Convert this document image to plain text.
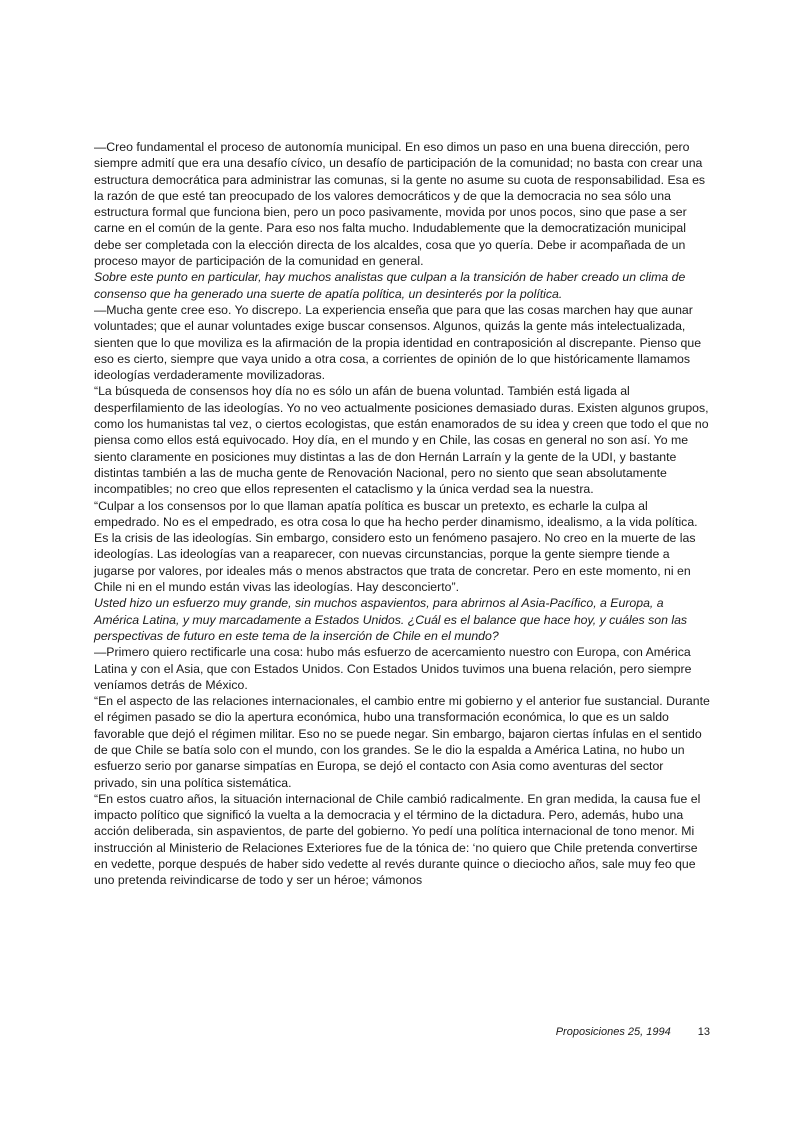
—Creo fundamental el proceso de autonomía municipal. En eso dimos un paso en una buena dirección, pero siempre admití que era una desafío cívico, un desafío de participación de la comunidad; no basta con crear una estructura democrática para administrar las comunas, si la gente no asume su cuota de responsabilidad. Esa es la razón de que esté tan preocupado de los valores democráticos y de que la democracia no sea sólo una estructura formal que funciona bien, pero un poco pasivamente, movida por unos pocos, sino que pase a ser carne en el común de la gente. Para eso nos falta mucho. Indudablemente que la democratización municipal debe ser completada con la elección directa de los alcaldes, cosa que yo quería. Debe ir acompañada de un proceso mayor de participación de la comunidad en general.

Sobre este punto en particular, hay muchos analistas que culpan a la transición de haber creado un clima de consenso que ha generado una suerte de apatía política, un desinterés por la política.

—Mucha gente cree eso. Yo discrepo. La experiencia enseña que para que las cosas marchen hay que aunar voluntades; que el aunar voluntades exige buscar consensos. Algunos, quizás la gente más intelectualizada, sienten que lo que moviliza es la afirmación de la propia identidad en contraposición al discrepante. Pienso que eso es cierto, siempre que vaya unido a otra cosa, a corrientes de opinión de lo que históricamente llamamos ideologías verdaderamente movilizadoras.

“La búsqueda de consensos hoy día no es sólo un afán de buena voluntad. También está ligada al desperfilamiento de las ideologías. Yo no veo actualmente posiciones demasiado duras. Existen algunos grupos, como los humanistas tal vez, o ciertos ecologistas, que están enamorados de su idea y creen que todo el que no piensa como ellos está equivocado. Hoy día, en el mundo y en Chile, las cosas en general no son así. Yo me siento claramente en posiciones muy distintas a las de don Hernán Larraín y la gente de la UDI, y bastante distintas también a las de mucha gente de Renovación Nacional, pero no siento que sean absolutamente incompatibles; no creo que ellos representen el cataclismo y la única verdad sea la nuestra.

“Culpar a los consensos por lo que llaman apatía política es buscar un pretexto, es echarle la culpa al empedrado. No es el empedrado, es otra cosa lo que ha hecho perder dinamismo, idealismo, a la vida política. Es la crisis de las ideologías. Sin embargo, considero esto un fenómeno pasajero. No creo en la muerte de las ideologías. Las ideologías van a reaparecer, con nuevas circunstancias, porque la gente siempre tiende a jugarse por valores, por ideales más o menos abstractos que trata de concretar. Pero en este momento, ni en Chile ni en el mundo están vivas las ideologías. Hay desconcierto”.

Usted hizo un esfuerzo muy grande, sin muchos aspavientos, para abrirnos al Asia-Pacífico, a Europa, a América Latina, y muy marcadamente a Estados Unidos. ¿Cuál es el balance que hace hoy, y cuáles son las perspectivas de futuro en este tema de la inserción de Chile en el mundo?

—Primero quiero rectificarle una cosa: hubo más esfuerzo de acercamiento nuestro con Europa, con América Latina y con el Asia, que con Estados Unidos. Con Estados Unidos tuvimos una buena relación, pero siempre veníamos detrás de México.

“En el aspecto de las relaciones internacionales, el cambio entre mi gobierno y el anterior fue sustancial. Durante el régimen pasado se dio la apertura económica, hubo una transformación económica, lo que es un saldo favorable que dejó el régimen militar. Eso no se puede negar. Sin embargo, bajaron ciertas ínfulas en el sentido de que Chile se batía solo con el mundo, con los grandes. Se le dio la espalda a América Latina, no hubo un esfuerzo serio por ganarse simpatías en Europa, se dejó el contacto con Asia como aventuras del sector privado, sin una política sistemática.

“En estos cuatro años, la situación internacional de Chile cambió radicalmente. En gran medida, la causa fue el impacto político que significó la vuelta a la democracia y el término de la dictadura. Pero, además, hubo una acción deliberada, sin aspavientos, de parte del gobierno. Yo pedí una política internacional de tono menor. Mi instrucción al Ministerio de Relaciones Exteriores fue de la tónica de: ‘no quiero que Chile pretenda convertirse en vedette, porque después de haber sido vedette al revés durante quince o dieciocho años, sale muy feo que uno pretenda reivindicarse de todo y ser un héroe; vámonos

Proposiciones 25, 1994 13
